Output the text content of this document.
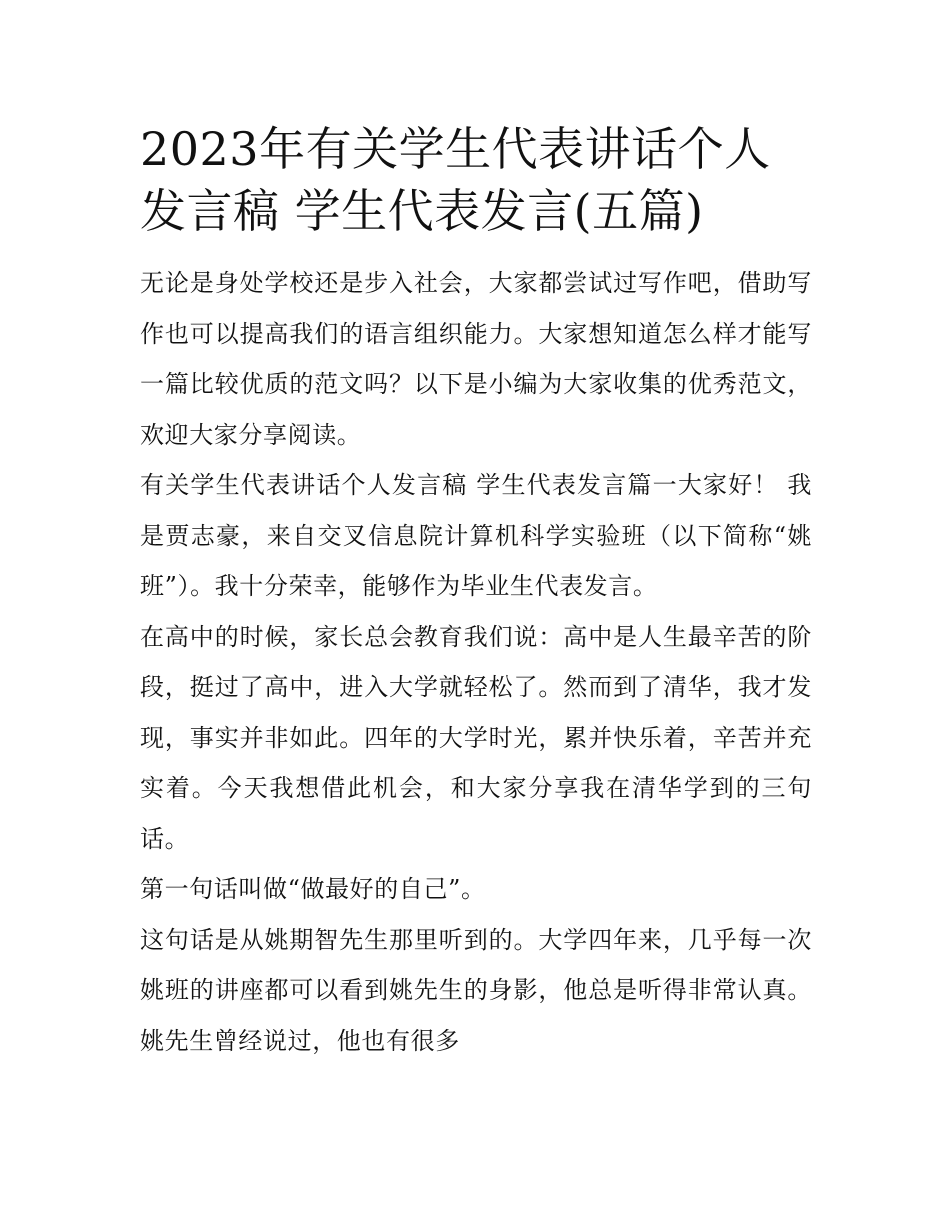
2023年有关学生代表讲话个人发言稿 学生代表发言(五篇)

无论是身处学校还是步入社会，大家都尝试过写作吧，借助写作也可以提高我们的语言组织能力。大家想知道怎么样才能写一篇比较优质的范文吗？以下是小编为大家收集的优秀范文，欢迎大家分享阅读。

有关学生代表讲话个人发言稿 学生代表发言篇一大家好！ 我是贾志豪，来自交叉信息院计算机科学实验班（以下简称“姚班”）。我十分荣幸，能够作为毕业生代表发言。

在高中的时候，家长总会教育我们说：高中是人生最辛苦的阶段，挺过了高中，进入大学就轻松了。然而到了清华，我才发现，事实并非如此。四年的大学时光，累并快乐着，辛苦并充实着。今天我想借此机会，和大家分享我在清华学到的三句话。

第一句话叫做“做最好的自己”。

这句话是从姚期智先生那里听到的。大学四年来，几乎每一次姚班的讲座都可以看到姚先生的身影，他总是听得非常认真。姚先生曾经说过，他也有很多
